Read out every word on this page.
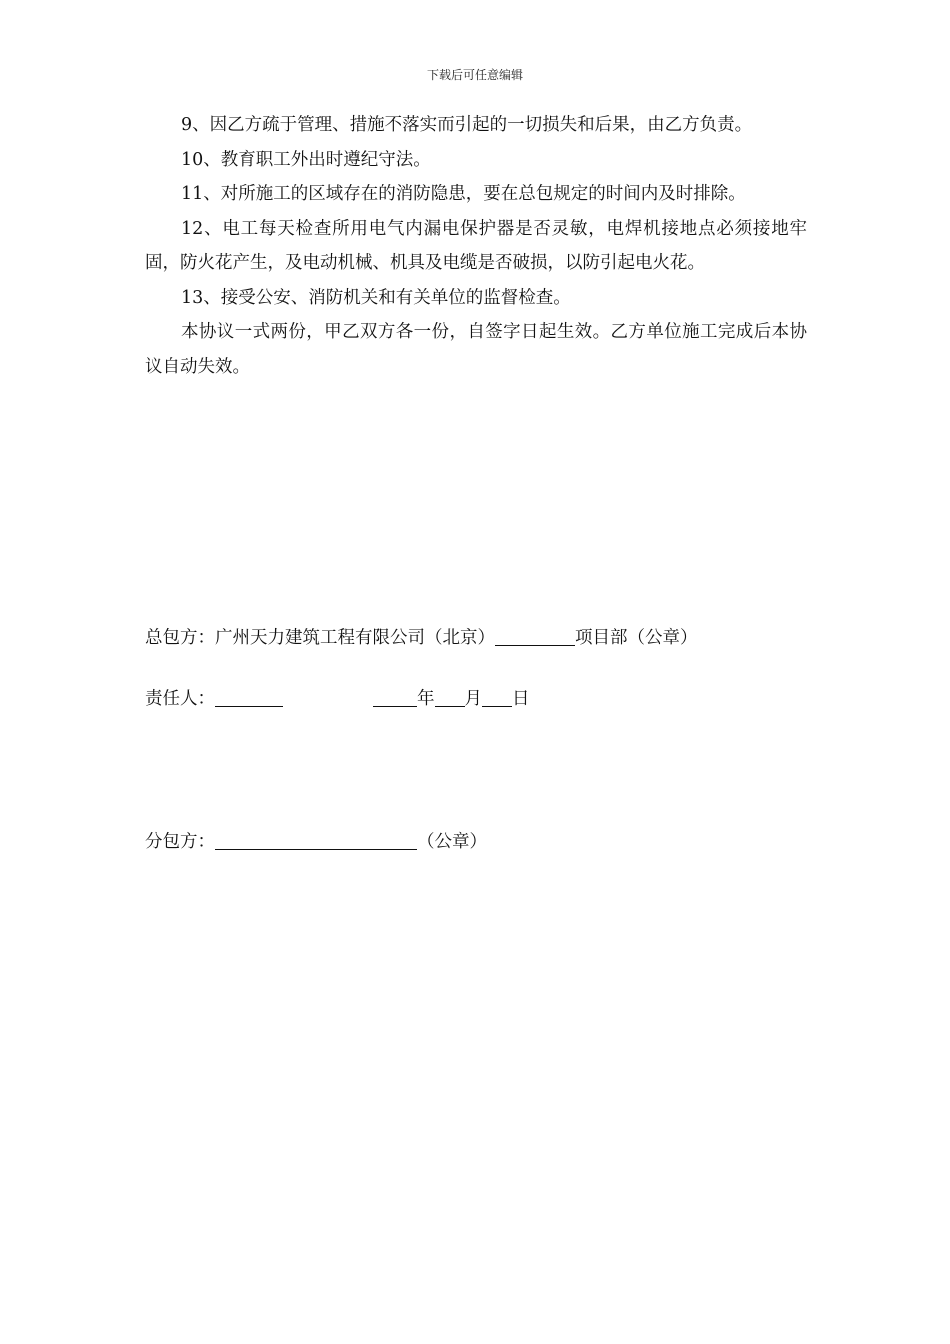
下载后可任意编辑

9、因乙方疏于管理、措施不落实而引起的一切损失和后果，由乙方负责。

10、教育职工外出时遵纪守法。

11、对所施工的区域存在的消防隐患，要在总包规定的时间内及时排除。

12、电工每天检查所用电气内漏电保护器是否灵敏，电焊机接地点必须接地牢固，防火花产生，及电动机械、机具及电缆是否破损，以防引起电火花。

13、接受公安、消防机关和有关单位的监督检查。

本协议一式两份，甲乙双方各一份，自签字日起生效。乙方单位施工完成后本协议自动失效。

总包方：广州天力建筑工程有限公司（北京）	项目部（公章）
责任人：	年 月 日
分包方：	（公章）
